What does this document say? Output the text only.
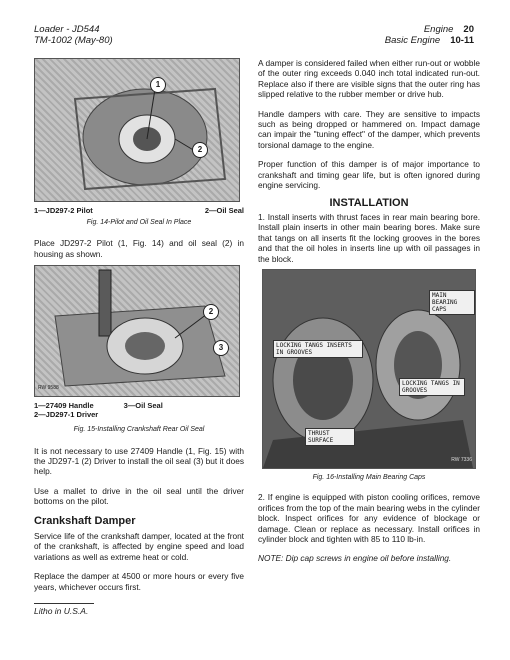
Loader - JD544
TM-1002 (May-80)
Engine 20
Basic Engine 10-11
1
2
1—JD297-2 Pilot	2—Oil Seal
Fig. 14-Pilot and Oil Seal In Place

Place JD297-2 Pilot (1, Fig. 14) and oil seal (2) in housing as shown.

2
3
RW 9588
1—27409 Handle	3—Oil Seal
2—JD297-1 Driver
Fig. 15-Installing Crankshaft Rear Oil Seal

It is not necessary to use 27409 Handle (1, Fig. 15) with the JD297-1 (2) Driver to install the oil seal (3) but it does help.

Use a mallet to drive in the oil seal until the driver bottoms on the pilot.

Crankshaft Damper

Service life of the crankshaft damper, located at the front of the crankshaft, is affected by engine speed and load variations as well as extreme heat or cold.

Replace the damper at 4500 or more hours or every five years, whichever occurs first.

A damper is considered failed when either run-out or wobble of the outer ring exceeds 0.040 inch total indicated run-out. Replace also if there are visible signs that the outer ring has slipped relative to the rubber member or drive hub.

Handle dampers with care. They are sensitive to impacts such as being dropped or hammered on. Impact damage can impair the "tuning effect" of the damper, which prevents torsional damage to the engine.

Proper function of this damper is of major importance to crankshaft and timing gear life, but is often ignored during engine servicing.

INSTALLATION

1. Install inserts with thrust faces in rear main bearing bore. Install plain inserts in other main bearing bores. Make sure that tangs on all inserts fit the locking grooves in the bores and that the oil holes in inserts line up with oil passages in the block.

MAIN BEARING CAPS
LOCKING TANGS INSERTS IN GROOVES
LOCKING TANGS IN GROOVES
THRUST SURFACE
RW 7336
Fig. 16-Installing Main Bearing Caps

2. If engine is equipped with piston cooling orifices, remove orifices from the top of the main bearing webs in the cylinder block. Inspect orifices for any evidence of blockage or damage. Clean or replace as necessary. Install orifices in cylinder block and tighten with 85 to 110 lb-in.

NOTE: Dip cap screws in engine oil before installing.

Litho in U.S.A.
